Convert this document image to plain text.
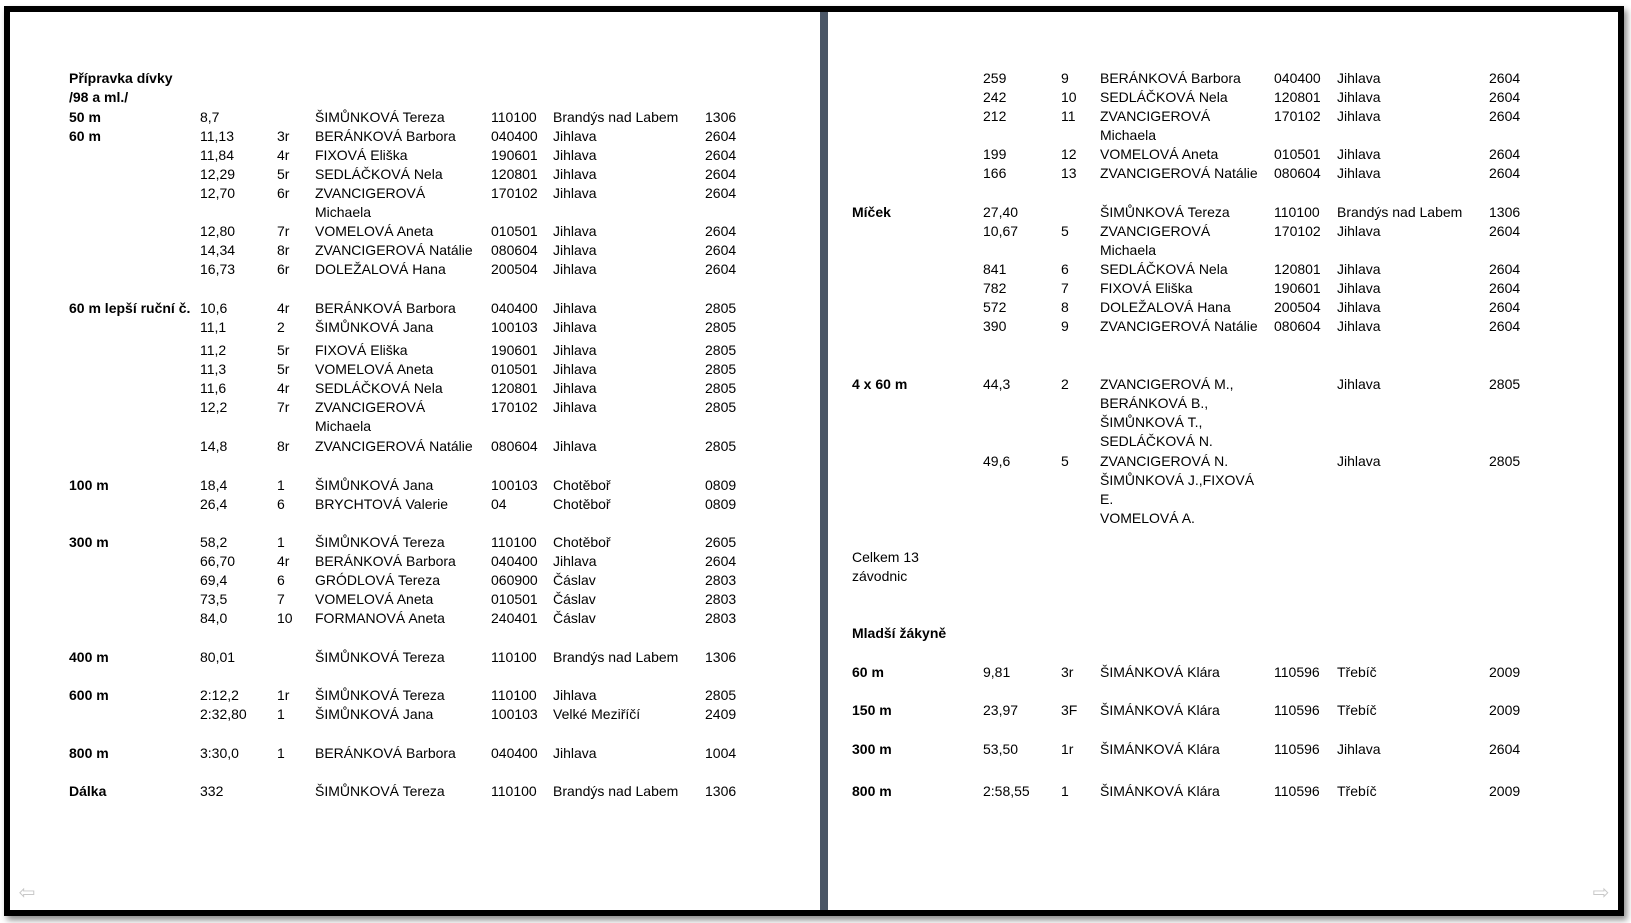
Přípravka dívky
/98 a ml./
50 m	8,7	ŠIMŮNKOVÁ Tereza	110100 Brandýs nad Labem 1306
60 m	11,13	3r BERÁNKOVÁ Barbora	040400 Jihlava	2604
11,84	4r FIXOVÁ Eliška	190601 Jihlava	2604
12,29	5r SEDLÁČKOVÁ Nela	120801 Jihlava	2604
12,70	6r ZVANCIGEROVÁ	170102 Jihlava	2604
Michaela
12,80	7r VOMELOVÁ Aneta	010501 Jihlava	2604
14,34	8r ZVANCIGEROVÁ Natálie 080604 Jihlava	2604
16,73	6r DOLEŽALOVÁ Hana	200504 Jihlava	2604
60 m lepší ruční č. 10,6	4r BERÁNKOVÁ Barbora	040400 Jihlava	2805
11,1	2 ŠIMŮNKOVÁ Jana	100103 Jihlava	2805
11,2	5r FIXOVÁ Eliška	190601 Jihlava	2805
11,3	5r VOMELOVÁ Aneta	010501 Jihlava	2805
11,6	4r SEDLÁČKOVÁ Nela	120801 Jihlava	2805
12,2	7r ZVANCIGEROVÁ	170102 Jihlava	2805
Michaela
14,8	8r ZVANCIGEROVÁ Natálie 080604 Jihlava	2805
100 m	18,4	1 ŠIMŮNKOVÁ Jana	100103 Chotěboř	0809
26,4	6 BRYCHTOVÁ Valerie	04	Chotěboř	0809
300 m	58,2	1 ŠIMŮNKOVÁ Tereza	110100 Chotěboř	2605
66,70	4r BERÁNKOVÁ Barbora	040400 Jihlava	2604
69,4	6 GRÓDLOVÁ Tereza	060900 Čáslav	2803
73,5	7 VOMELOVÁ Aneta	010501 Čáslav	2803
84,0	10 FORMANOVÁ Aneta	240401 Čáslav	2803
400 m	80,01	ŠIMŮNKOVÁ Tereza	110100 Brandýs nad Labem 1306
600 m	2:12,2	1r ŠIMŮNKOVÁ Tereza	110100 Jihlava	2805
2:32,80 1 ŠIMŮNKOVÁ Jana	100103 Velké Meziříčí	2409
800 m	3:30,0	1 BERÁNKOVÁ Barbora	040400 Jihlava	1004
Dálka	332	ŠIMŮNKOVÁ Tereza	110100 Brandýs nad Labem 1306
Celkem 13
závodnic
259	9 BERÁNKOVÁ Barbora 040400 Jihlava	2604
242	10 SEDLÁČKOVÁ Nela	120801 Jihlava	2604
212	11 ZVANCIGEROVÁ	170102 Jihlava	2604
Michaela
199	12 VOMELOVÁ Aneta	010501 Jihlava	2604
166	13 ZVANCIGEROVÁ Natálie 080604 Jihlava	2604
Míček	27,40	ŠIMŮNKOVÁ Tereza	110100 Brandýs nad Labem 1306
10,67	5 ZVANCIGEROVÁ	170102 Jihlava	2604
Michaela
841	6 SEDLÁČKOVÁ Nela	120801 Jihlava	2604
782	7 FIXOVÁ Eliška	190601 Jihlava	2604
572	8 DOLEŽALOVÁ Hana	200504 Jihlava	2604
390	9 ZVANCIGEROVÁ Natálie 080604 Jihlava	2604
4 x 60 m	44,3	2 ZVANCIGEROVÁ M.,	Jihlava	2805
BERÁNKOVÁ B.,
ŠIMŮNKOVÁ T.,
SEDLÁČKOVÁ N.
49,6	5 ZVANCIGEROVÁ N.	Jihlava	2805
ŠIMŮNKOVÁ J.,FIXOVÁ
E.
VOMELOVÁ A.
Mladší žákyně
60 m	9,81	3r ŠIMÁNKOVÁ Klára	110596 Třebíč	2009
150 m	23,97	3F ŠIMÁNKOVÁ Klára	110596 Třebíč	2009
300 m	53,50	1r ŠIMÁNKOVÁ Klára	110596 Jihlava	2604
800 m	2:58,55 1 ŠIMÁNKOVÁ Klára	110596 Třebíč	2009
⇦	⇨
